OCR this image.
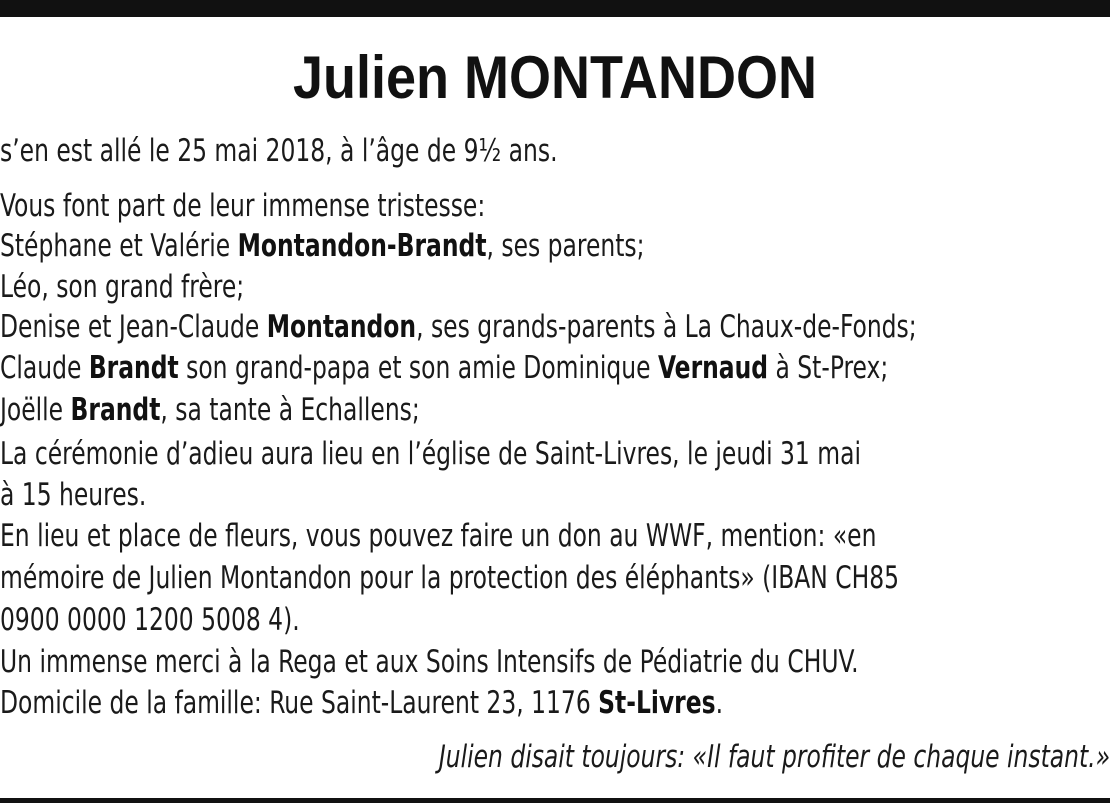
Julien MONTANDON
s’en est allé le 25 mai 2018, à l’âge de 9½ ans.
Vous font part de leur immense tristesse:
Stéphane et Valérie Montandon-Brandt, ses parents;
Léo, son grand frère;
Denise et Jean-Claude Montandon, ses grands-parents à La Chaux-de-Fonds;
Claude Brandt son grand-papa et son amie Dominique Vernaud à St-Prex;
Joëlle Brandt, sa tante à Echallens;
La cérémonie d’adieu aura lieu en l’église de Saint-Livres, le jeudi 31 mai
à 15 heures.
En lieu et place de fleurs, vous pouvez faire un don au WWF, mention: «en
mémoire de Julien Montandon pour la protection des éléphants» (IBAN CH85
0900 0000 1200 5008 4).
Un immense merci à la Rega et aux Soins Intensifs de Pédiatrie du CHUV.
Domicile de la famille: Rue Saint-Laurent 23, 1176 St-Livres.
Julien disait toujours: «Il faut profiter de chaque instant.»
